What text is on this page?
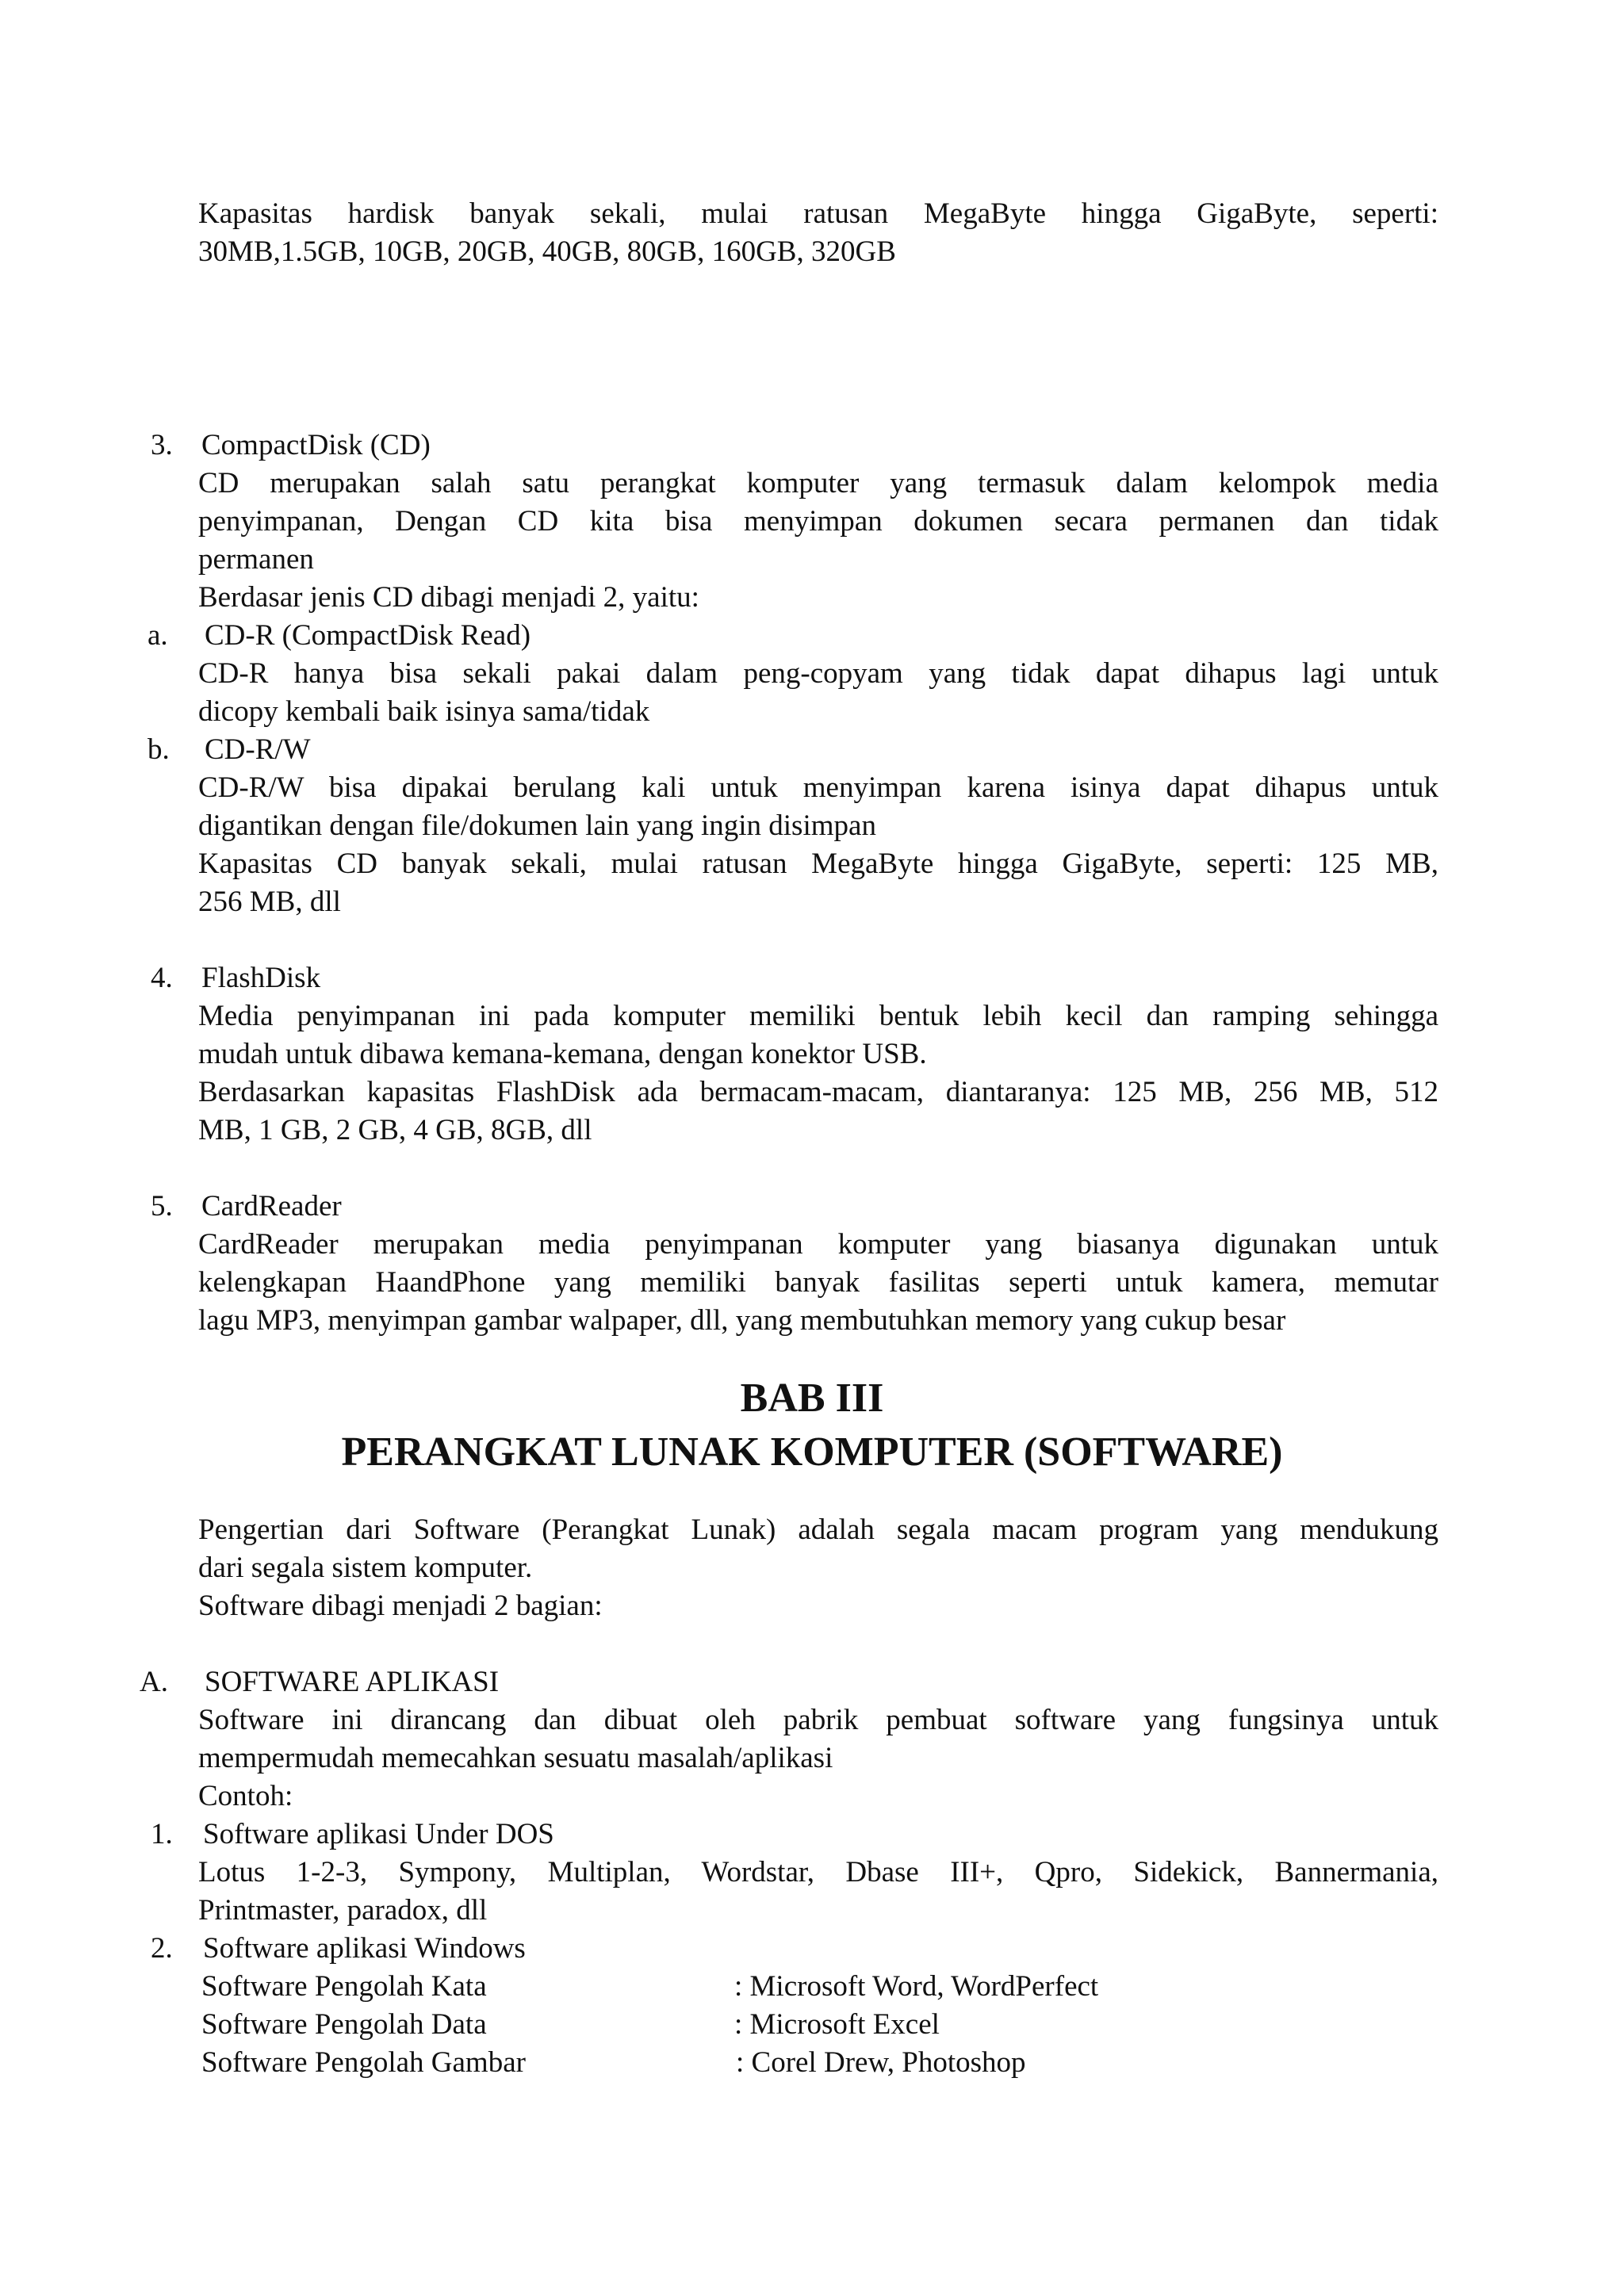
Kapasitas hardisk banyak sekali, mulai ratusan MegaByte hingga GigaByte, seperti:
30MB,1.5GB, 10GB, 20GB, 40GB, 80GB, 160GB, 320GB
3. CompactDisk (CD)
CD merupakan salah satu perangkat komputer yang termasuk dalam kelompok media
penyimpanan, Dengan CD kita bisa menyimpan dokumen secara permanen dan tidak
permanen
Berdasar jenis CD dibagi menjadi 2, yaitu:
a. CD-R (CompactDisk Read)
CD-R hanya bisa sekali pakai dalam peng-copyam yang tidak dapat dihapus lagi untuk
dicopy kembali baik isinya sama/tidak
b. CD-R/W
CD-R/W bisa dipakai berulang kali untuk menyimpan karena isinya dapat dihapus untuk
digantikan dengan file/dokumen lain yang ingin disimpan
Kapasitas CD banyak sekali, mulai ratusan MegaByte hingga GigaByte, seperti: 125 MB,
256 MB, dll
4. FlashDisk
Media penyimpanan ini pada komputer memiliki bentuk lebih kecil dan ramping sehingga
mudah untuk dibawa kemana-kemana, dengan konektor USB.
Berdasarkan kapasitas FlashDisk ada bermacam-macam, diantaranya: 125 MB, 256 MB, 512
MB, 1 GB, 2 GB, 4 GB, 8GB, dll
5. CardReader
CardReader merupakan media penyimpanan komputer yang biasanya digunakan untuk
kelengkapan HaandPhone yang memiliki banyak fasilitas seperti untuk kamera, memutar
lagu MP3, menyimpan gambar walpaper, dll, yang membutuhkan memory yang cukup besar
BAB III
PERANGKAT LUNAK KOMPUTER (SOFTWARE)
Pengertian dari Software (Perangkat Lunak) adalah segala macam program yang mendukung
dari segala sistem komputer.
Software dibagi menjadi 2 bagian:
A. SOFTWARE APLIKASI
Software ini dirancang dan dibuat oleh pabrik pembuat software yang fungsinya untuk
mempermudah memecahkan sesuatu masalah/aplikasi
Contoh:
1. Software aplikasi Under DOS
Lotus 1-2-3, Sympony, Multiplan, Wordstar, Dbase III+, Qpro, Sidekick, Bannermania,
Printmaster, paradox, dll
2. Software aplikasi Windows
Software Pengolah Kata	: Microsoft Word, WordPerfect
Software Pengolah Data	: Microsoft Excel
Software Pengolah Gambar	: Corel Drew, Photoshop
